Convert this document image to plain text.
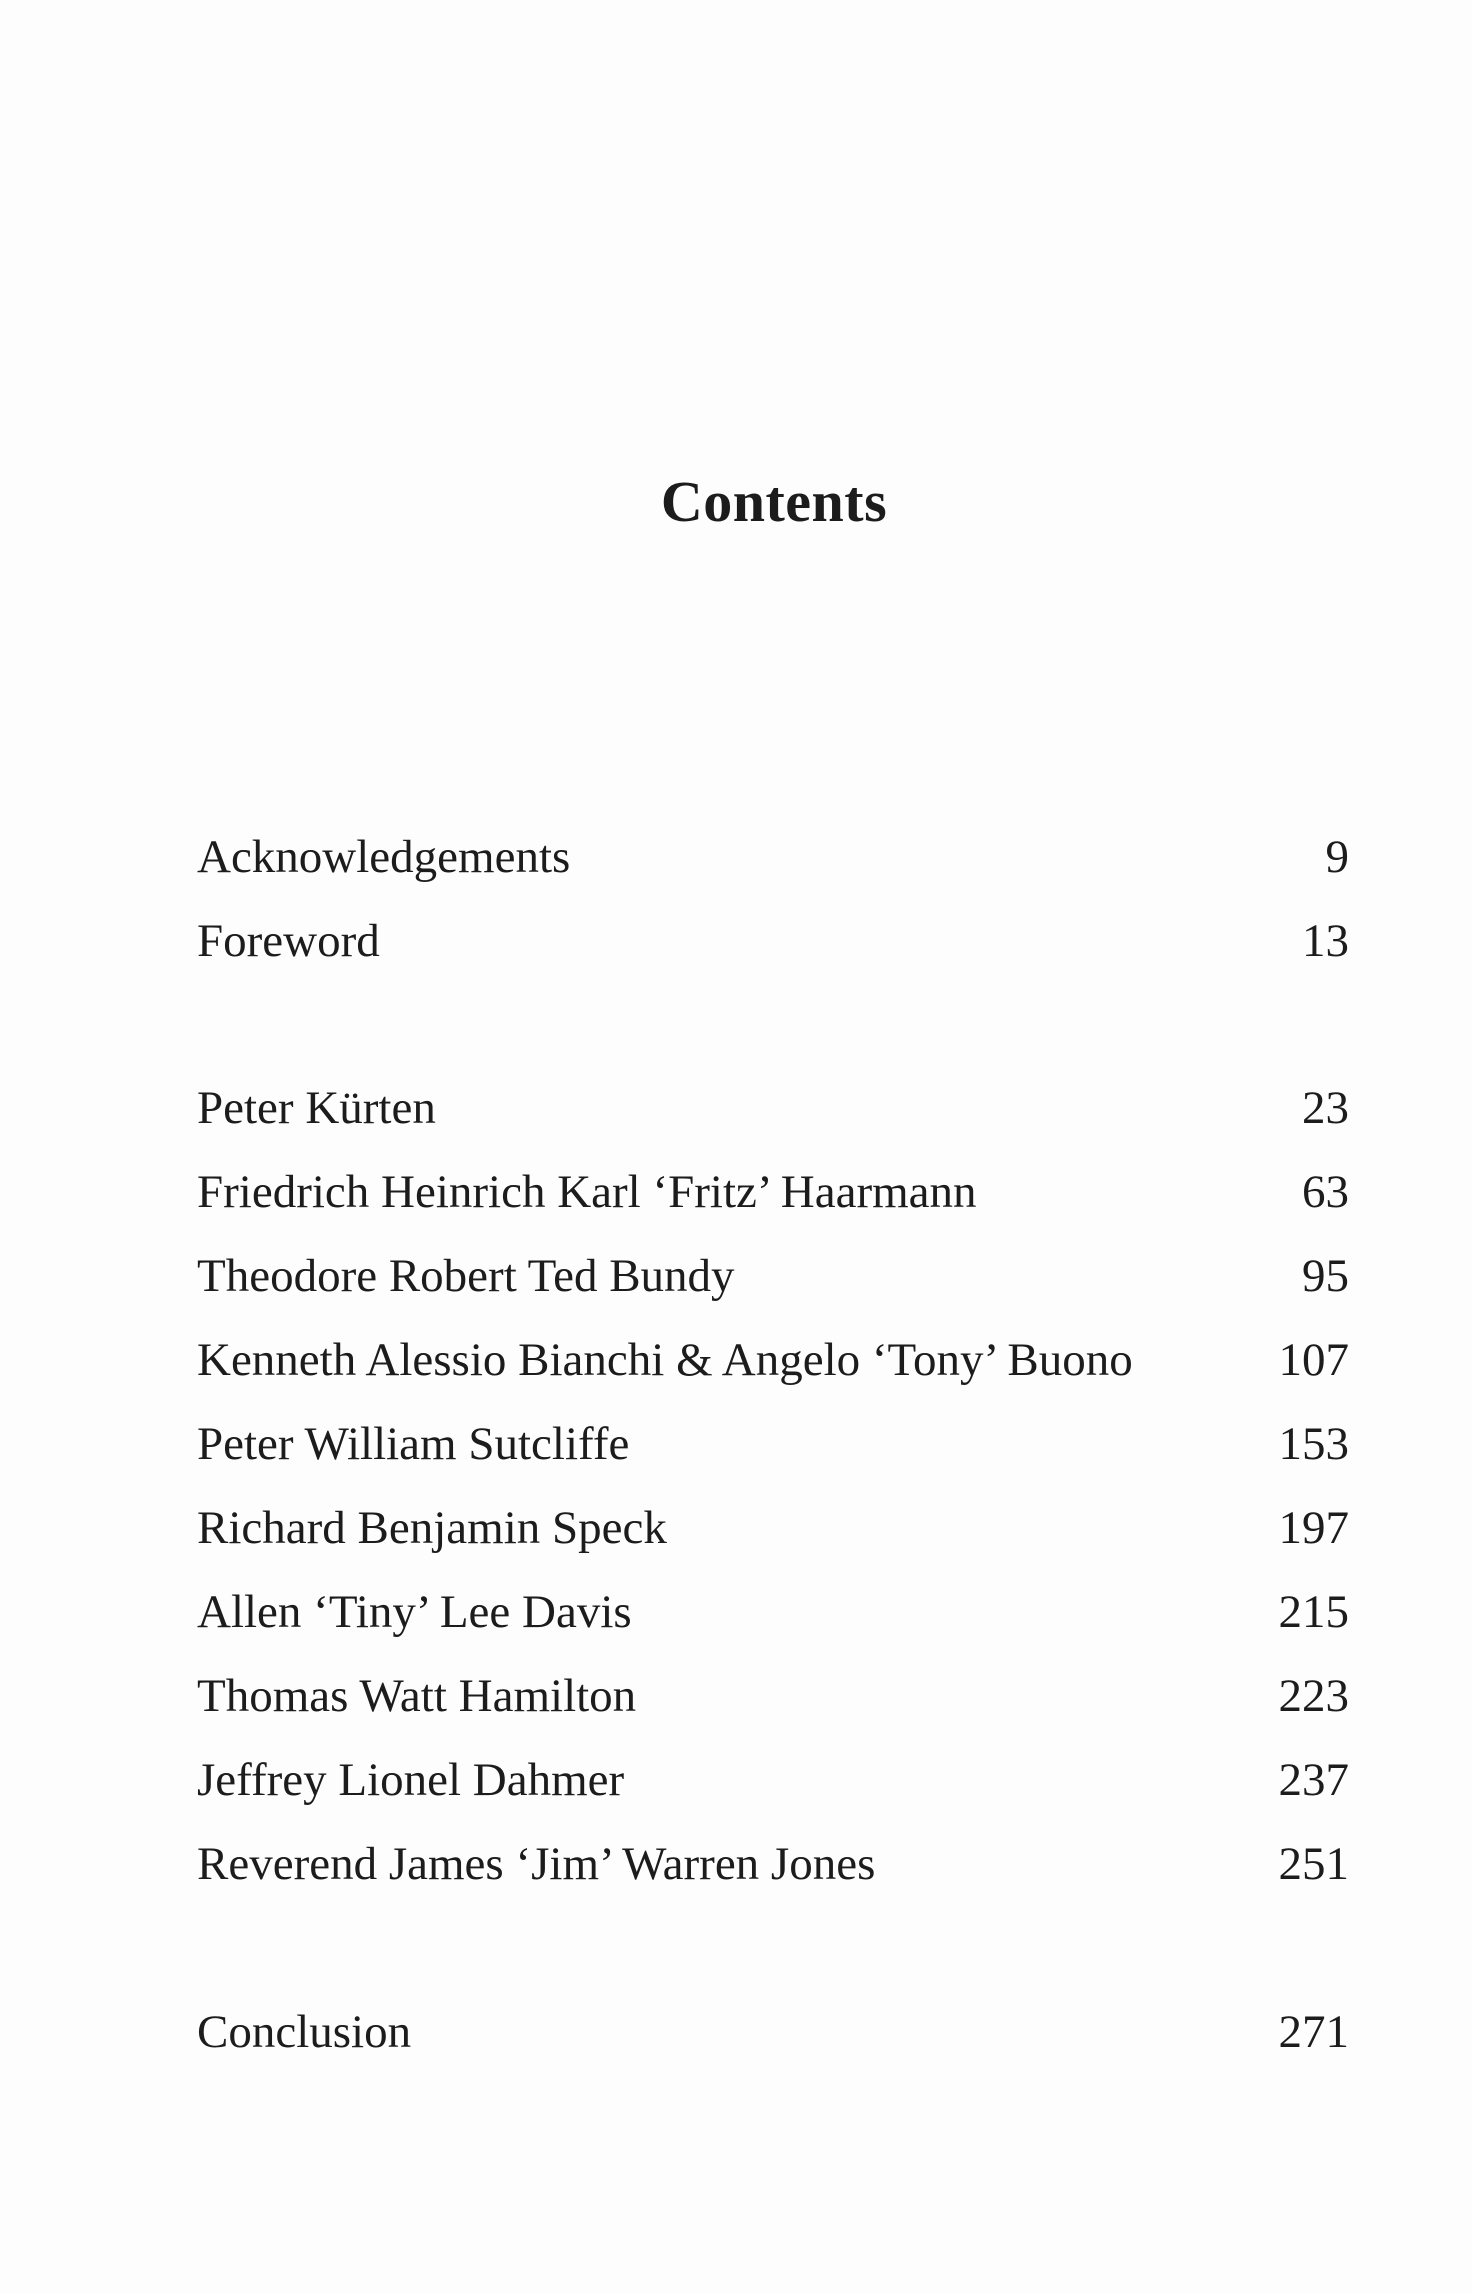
Contents
Acknowledgements	9
Foreword	13
Peter Kürten	23
Friedrich Heinrich Karl ‘Fritz’ Haarmann	63
Theodore Robert Ted Bundy	95
Kenneth Alessio Bianchi & Angelo ‘Tony’ Buono	107
Peter William Sutcliffe	153
Richard Benjamin Speck	197
Allen ‘Tiny’ Lee Davis	215
Thomas Watt Hamilton	223
Jeffrey Lionel Dahmer	237
Reverend James ‘Jim’ Warren Jones	251
Conclusion	271
